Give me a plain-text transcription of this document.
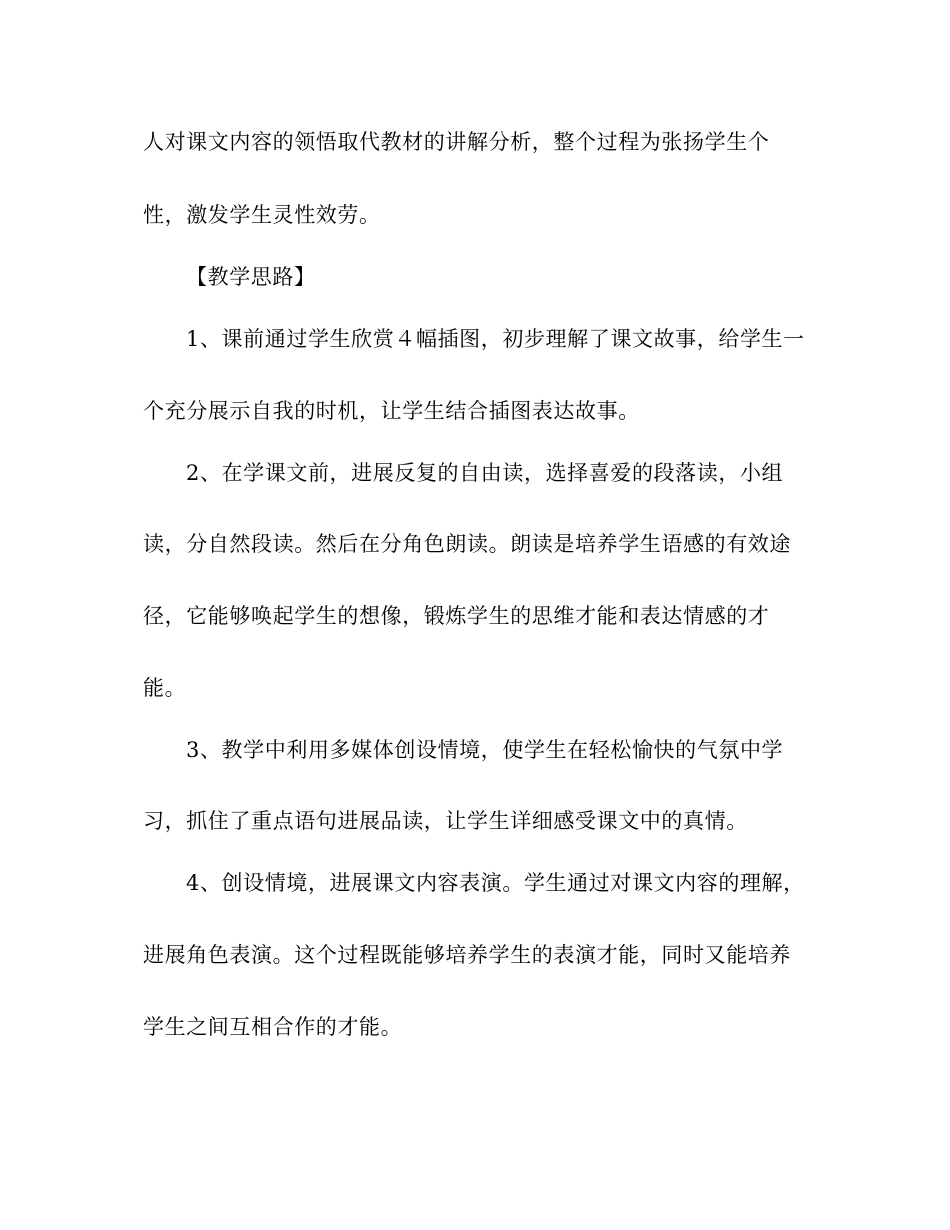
人对课文内容的领悟取代教材的讲解分析，整个过程为张扬学生个

性，激发学生灵性效劳。

【教学思路】

1、课前通过学生欣赏４幅插图，初步理解了课文故事，给学生一

个充分展示自我的时机，让学生结合插图表达故事。

2、在学课文前，进展反复的自由读，选择喜爱的段落读，小组

读，分自然段读。然后在分角色朗读。朗读是培养学生语感的有效途

径，它能够唤起学生的想像，锻炼学生的思维才能和表达情感的才

能。

3、教学中利用多媒体创设情境，使学生在轻松愉快的气氛中学

习，抓住了重点语句进展品读，让学生详细感受课文中的真情。

4、创设情境，进展课文内容表演。学生通过对课文内容的理解，

进展角色表演。这个过程既能够培养学生的表演才能，同时又能培养

学生之间互相合作的才能。
